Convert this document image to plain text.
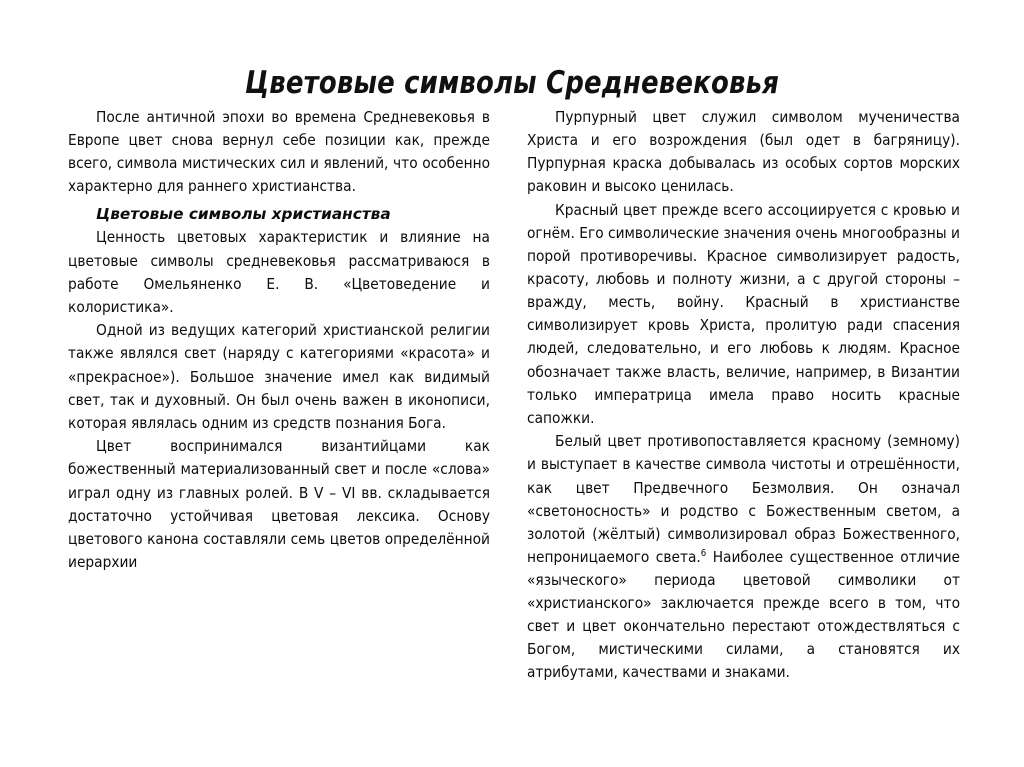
Цветовые символы Средневековья

После античной эпохи во времена Средневековья в Европе цвет снова вернул себе позиции как, прежде всего, символа мистических сил и явлений, что особенно характерно для раннего христианства.

Цветовые символы христианства

Ценность цветовых характеристик и влияние на цветовые символы средневековья рассматриваюся в работе Омельяненко Е. В. «Цветоведение и колористика».

Одной из ведущих категорий христианской религии также являлся свет (наряду с категориями «красота» и «прекрасное»). Большое значение имел как видимый свет, так и духовный. Он был очень важен в иконописи, которая являлась одним из средств познания Бога.

Цвет воспринимался византийцами как божественный материализованный свет и после «слова» играл одну из главных ролей. В V – VI вв. складывается достаточно устойчивая цветовая лексика. Основу цветового канона составляли семь цветов определённой иерархии

Пурпурный цвет служил символом мученичества Христа и его возрождения (был одет в багряницу). Пурпурная краска добывалась из особых сортов морских раковин и высоко ценилась.

Красный цвет прежде всего ассоциируется с кровью и огнём. Его символические значения очень многообразны и порой противоречивы. Красное символизирует радость, красоту, любовь и полноту жизни, а с другой стороны – вражду, месть, войну. Красный в христианстве символизирует кровь Христа, пролитую ради спасения людей, следовательно, и его любовь к людям. Красное обозначает также власть, величие, например, в Византии только императрица имела право носить красные сапожки.

Белый цвет противопоставляется красному (земному) и выступает в качестве символа чистоты и отрешённости, как цвет Предвечного Безмолвия. Он означал «светоносность» и родство с Божественным светом, а золотой (жёлтый) символизировал образ Божественного, непроницаемого света.$^6$ Наиболее существенное отличие «языческого» периода цветовой символики от «христианского» заключается прежде всего в том, что свет и цвет окончательно перестают отождествляться с Богом, мистическими силами, а становятся их атрибутами, качествами и знаками.
